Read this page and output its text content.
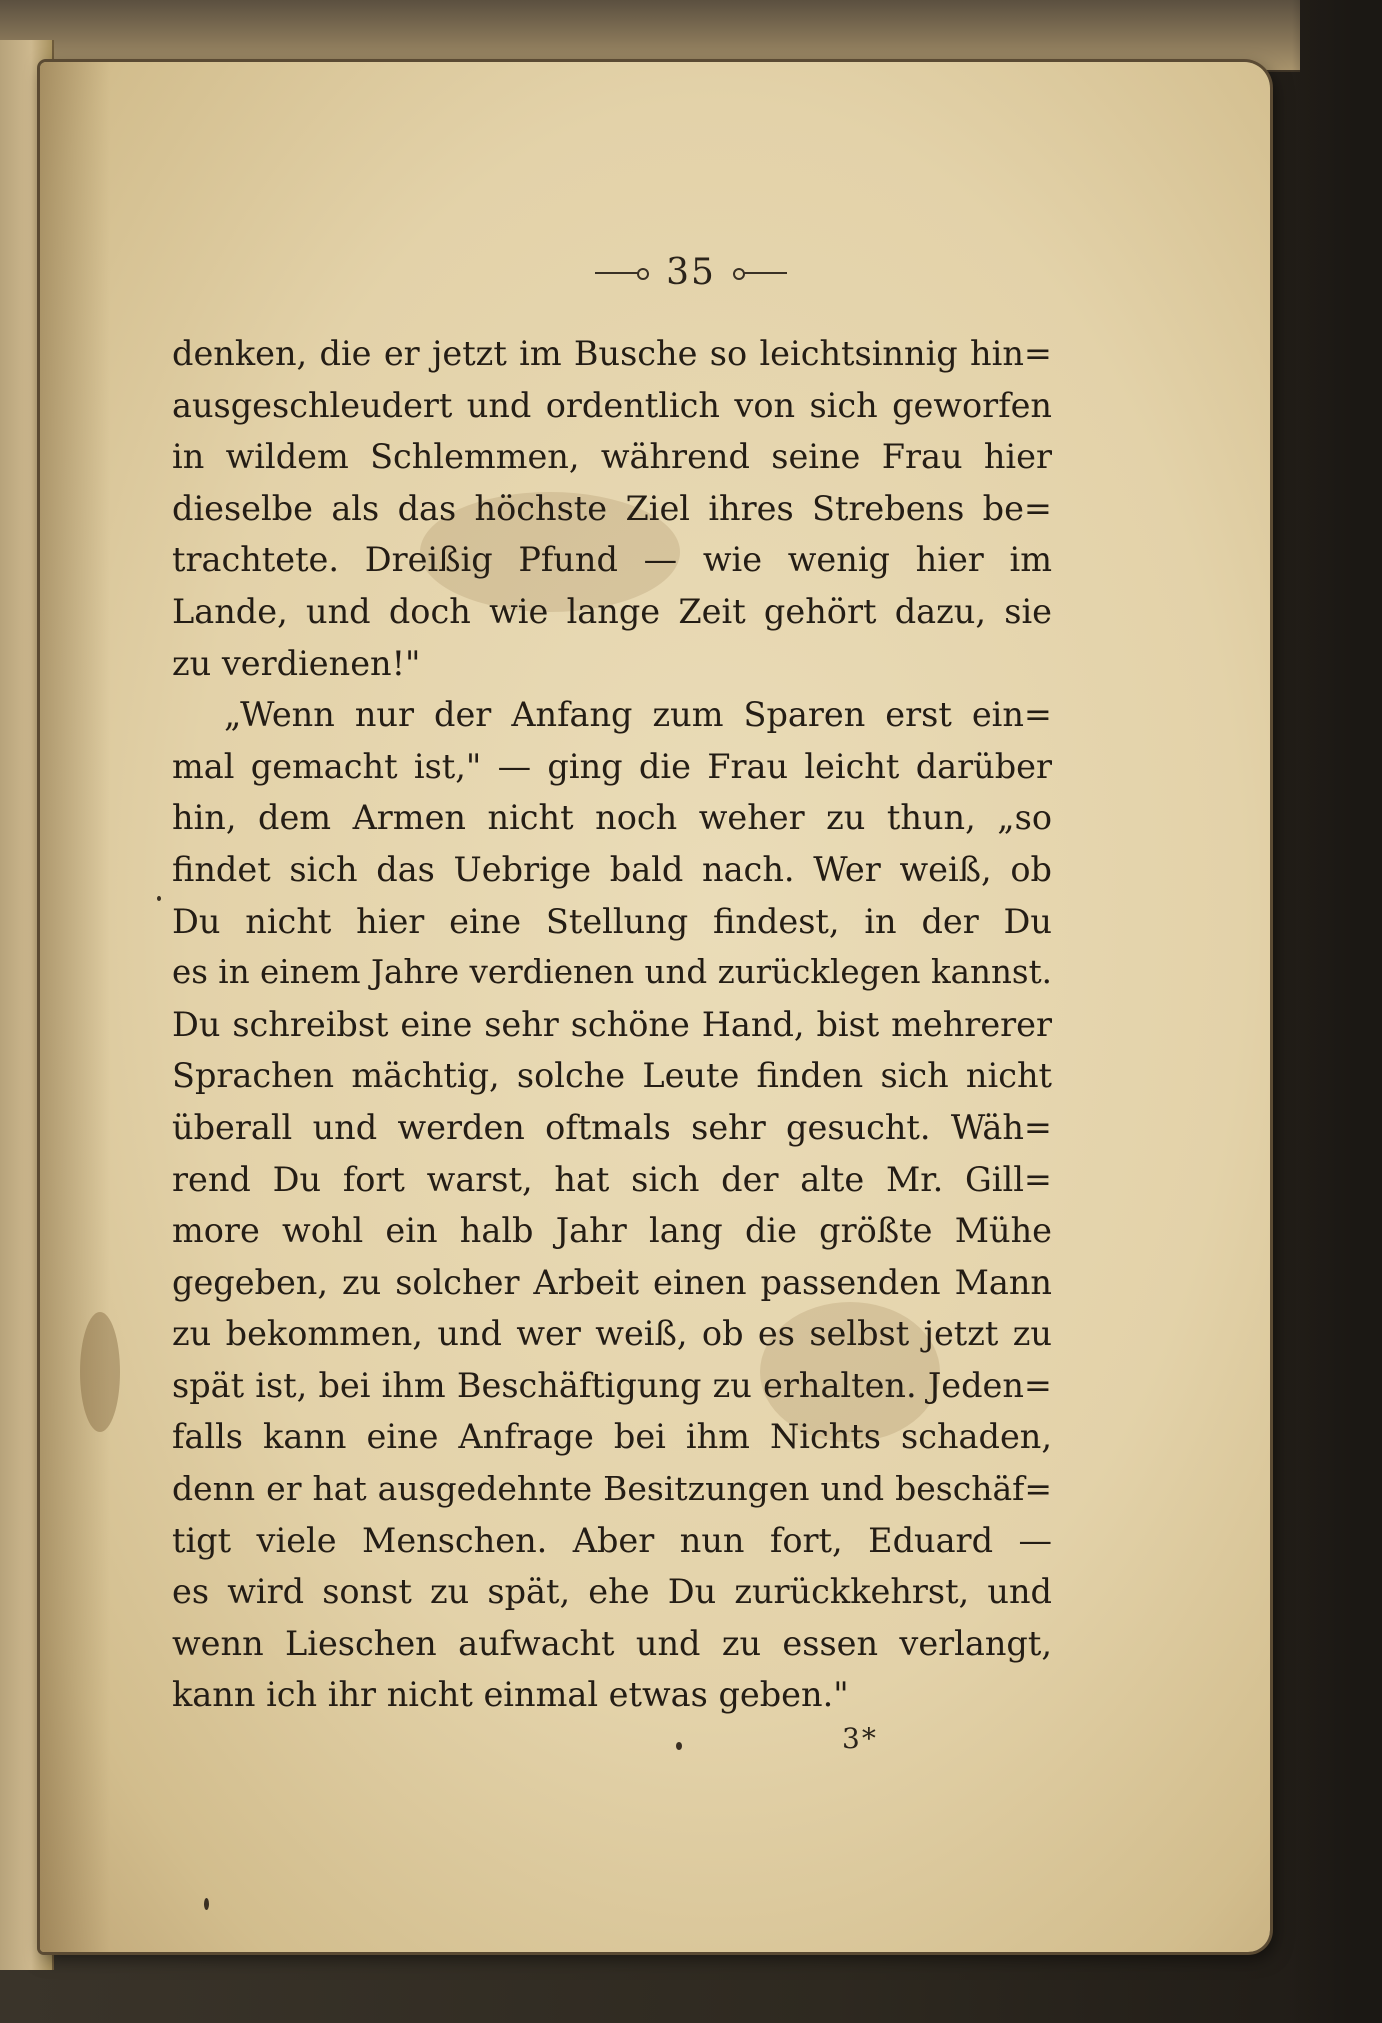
35
denken, die er jetzt im Busche so leichtsinnig hin=
ausgeschleudert und ordentlich von sich geworfen
in wildem Schlemmen, während seine Frau hier
dieselbe als das höchste Ziel ihres Strebens be=
trachtete. Dreißig Pfund — wie wenig hier im
Lande, und doch wie lange Zeit gehört dazu, sie
zu verdienen!"
„Wenn nur der Anfang zum Sparen erst ein=
mal gemacht ist," — ging die Frau leicht darüber
hin, dem Armen nicht noch weher zu thun, „so
findet sich das Uebrige bald nach. Wer weiß, ob
Du nicht hier eine Stellung findest, in der Du
es in einem Jahre verdienen und zurücklegen kannst.
Du schreibst eine sehr schöne Hand, bist mehrerer
Sprachen mächtig, solche Leute finden sich nicht
überall und werden oftmals sehr gesucht. Wäh=
rend Du fort warst, hat sich der alte Mr. Gill=
more wohl ein halb Jahr lang die größte Mühe
gegeben, zu solcher Arbeit einen passenden Mann
zu bekommen, und wer weiß, ob es selbst jetzt zu
spät ist, bei ihm Beschäftigung zu erhalten. Jeden=
falls kann eine Anfrage bei ihm Nichts schaden,
denn er hat ausgedehnte Besitzungen und beschäf=
tigt viele Menschen. Aber nun fort, Eduard —
es wird sonst zu spät, ehe Du zurückkehrst, und
wenn Lieschen aufwacht und zu essen verlangt,
kann ich ihr nicht einmal etwas geben."
3*
